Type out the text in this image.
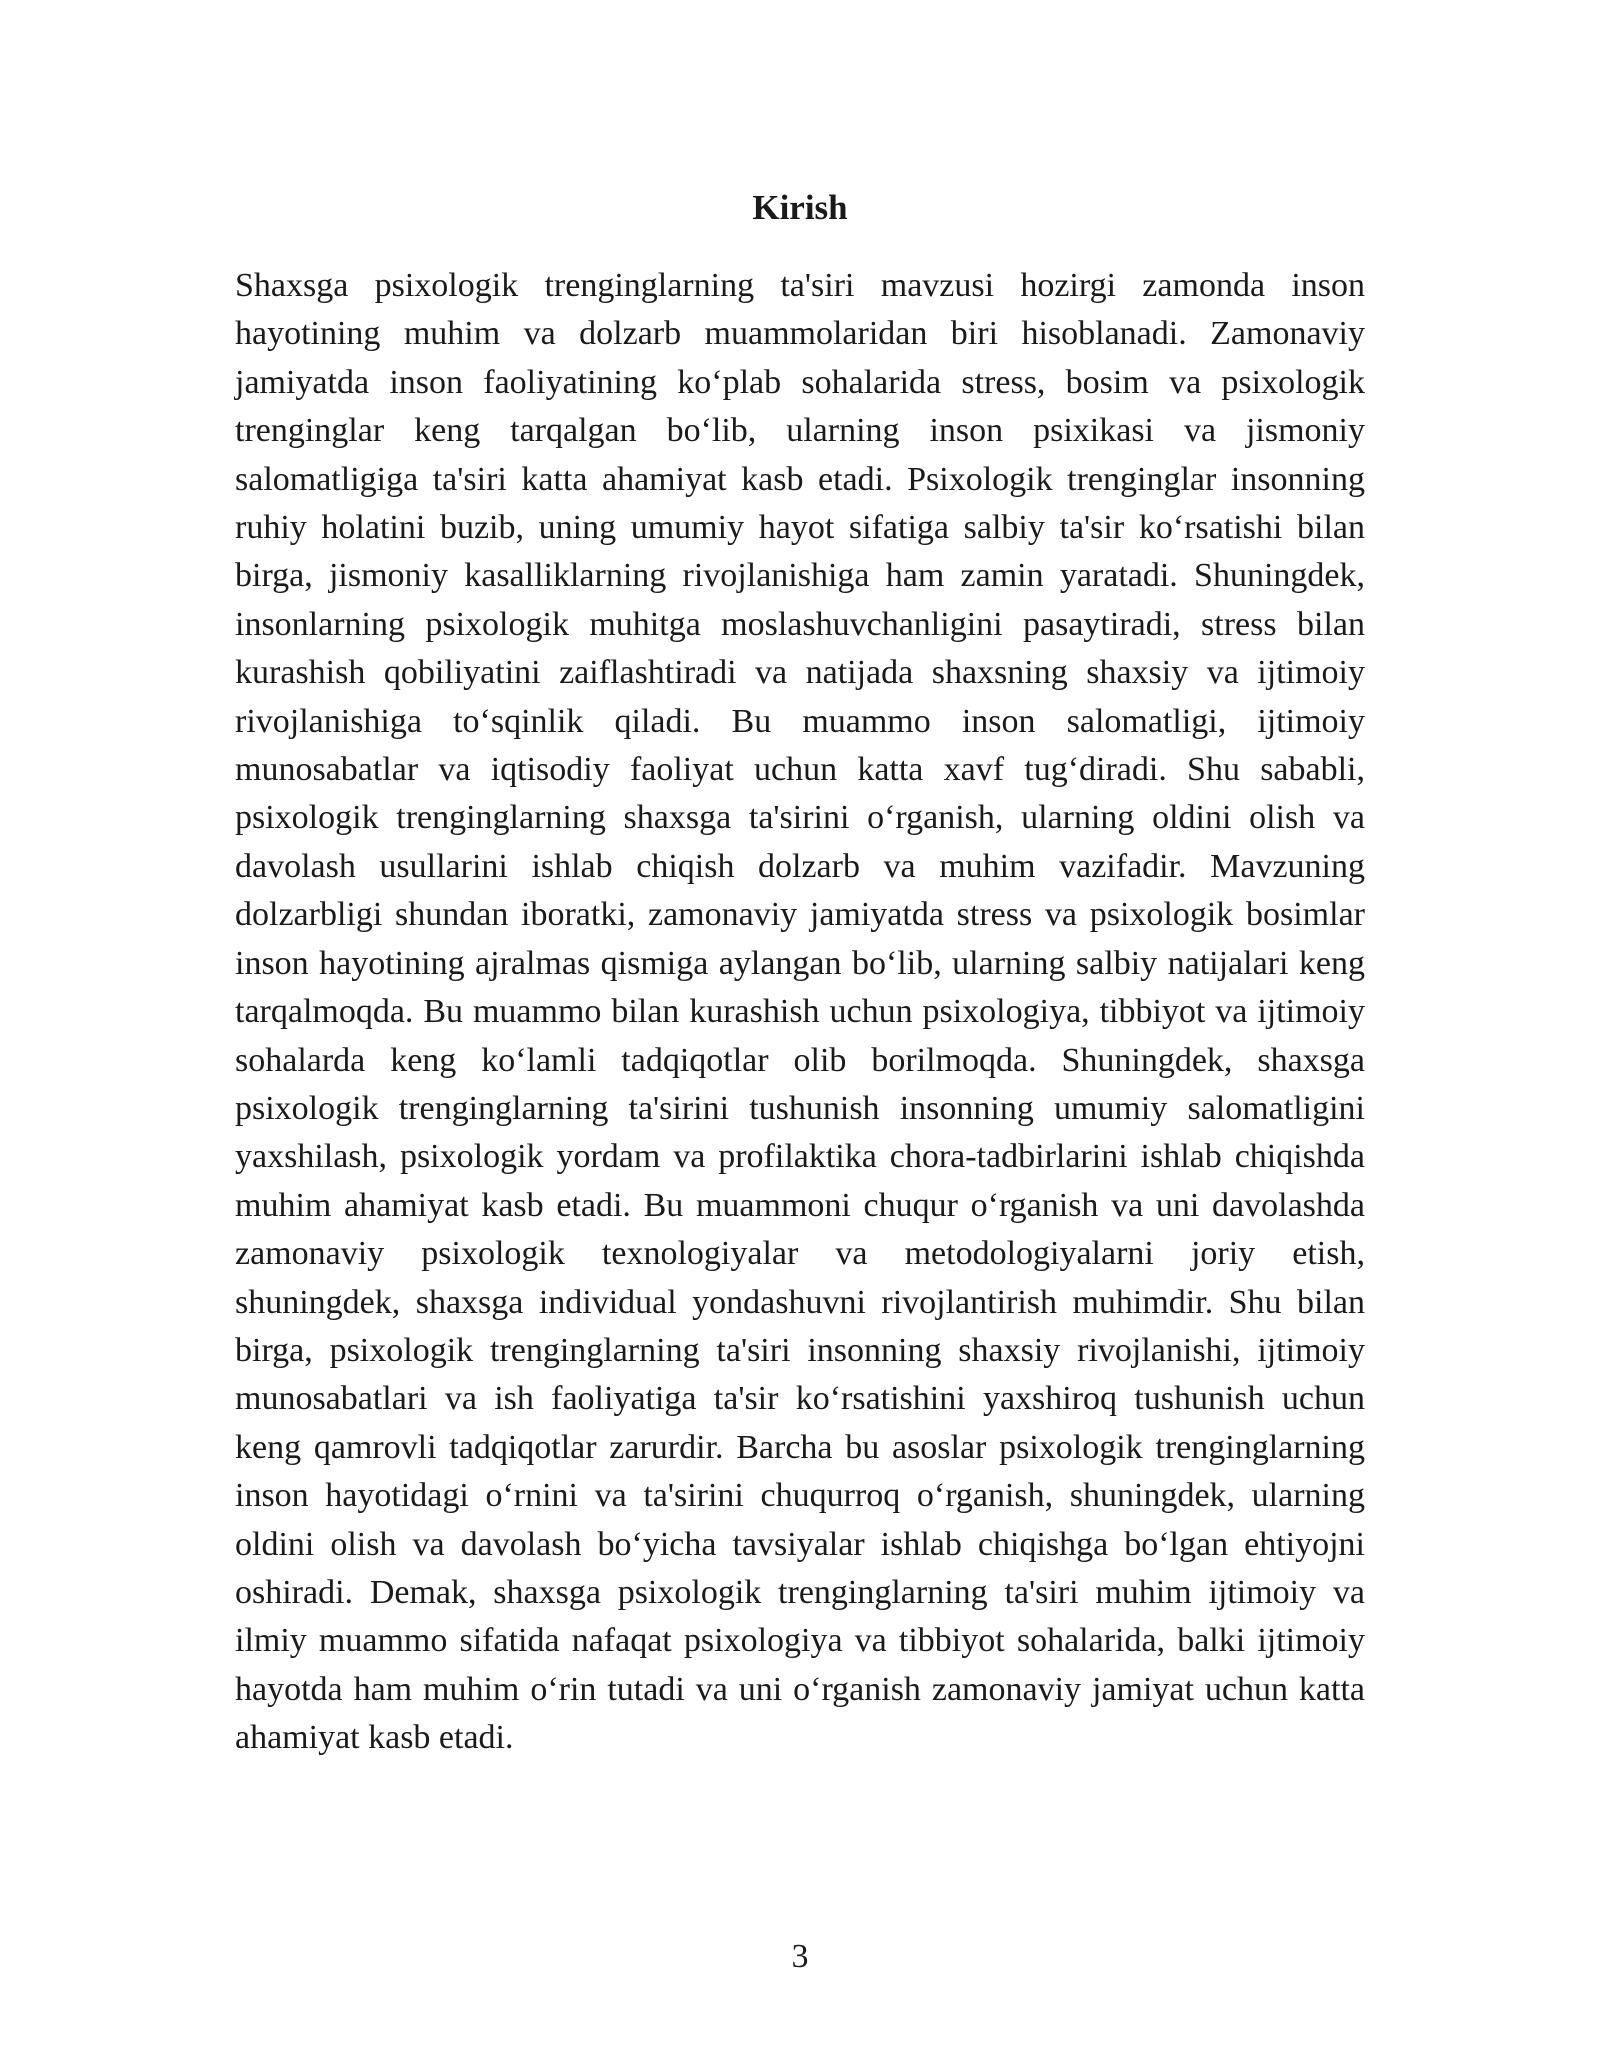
Kirish

Shaxsga psixologik trenginglarning ta'siri mavzusi hozirgi zamonda inson hayotining muhim va dolzarb muammolaridan biri hisoblanadi. Zamonaviy jamiyatda inson faoliyatining ko‘plab sohalarida stress, bosim va psixologik trenginglar keng tarqalgan bo‘lib, ularning inson psixikasi va jismoniy salomatligiga ta'siri katta ahamiyat kasb etadi. Psixologik trenginglar insonning ruhiy holatini buzib, uning umumiy hayot sifatiga salbiy ta'sir ko‘rsatishi bilan birga, jismoniy kasalliklarning rivojlanishiga ham zamin yaratadi. Shuningdek, insonlarning psixologik muhitga moslashuvchanligini pasaytiradi, stress bilan kurashish qobiliyatini zaiflashtiradi va natijada shaxsning shaxsiy va ijtimoiy rivojlanishiga to‘sqinlik qiladi. Bu muammo inson salomatligi, ijtimoiy munosabatlar va iqtisodiy faoliyat uchun katta xavf tug‘diradi. Shu sababli, psixologik trenginglarning shaxsga ta'sirini o‘rganish, ularning oldini olish va davolash usullarini ishlab chiqish dolzarb va muhim vazifadir. Mavzuning dolzarbligi shundan iboratki, zamonaviy jamiyatda stress va psixologik bosimlar inson hayotining ajralmas qismiga aylangan bo‘lib, ularning salbiy natijalari keng tarqalmoqda. Bu muammo bilan kurashish uchun psixologiya, tibbiyot va ijtimoiy sohalarda keng ko‘lamli tadqiqotlar olib borilmoqda. Shuningdek, shaxsga psixologik trenginglarning ta'sirini tushunish insonning umumiy salomatligini yaxshilash, psixologik yordam va profilaktika chora-tadbirlarini ishlab chiqishda muhim ahamiyat kasb etadi. Bu muammoni chuqur o‘rganish va uni davolashda zamonaviy psixologik texnologiyalar va metodologiyalarni joriy etish, shuningdek, shaxsga individual yondashuvni rivojlantirish muhimdir. Shu bilan birga, psixologik trenginglarning ta'siri insonning shaxsiy rivojlanishi, ijtimoiy munosabatlari va ish faoliyatiga ta'sir ko‘rsatishini yaxshiroq tushunish uchun keng qamrovli tadqiqotlar zarurdir. Barcha bu asoslar psixologik trenginglarning inson hayotidagi o‘rnini va ta'sirini chuqurroq o‘rganish, shuningdek, ularning oldini olish va davolash bo‘yicha tavsiyalar ishlab chiqishga bo‘lgan ehtiyojni oshiradi. Demak, shaxsga psixologik trenginglarning ta'siri muhim ijtimoiy va ilmiy muammo sifatida nafaqat psixologiya va tibbiyot sohalarida, balki ijtimoiy hayotda ham muhim o‘rin tutadi va uni o‘rganish zamonaviy jamiyat uchun katta ahamiyat kasb etadi.

3
